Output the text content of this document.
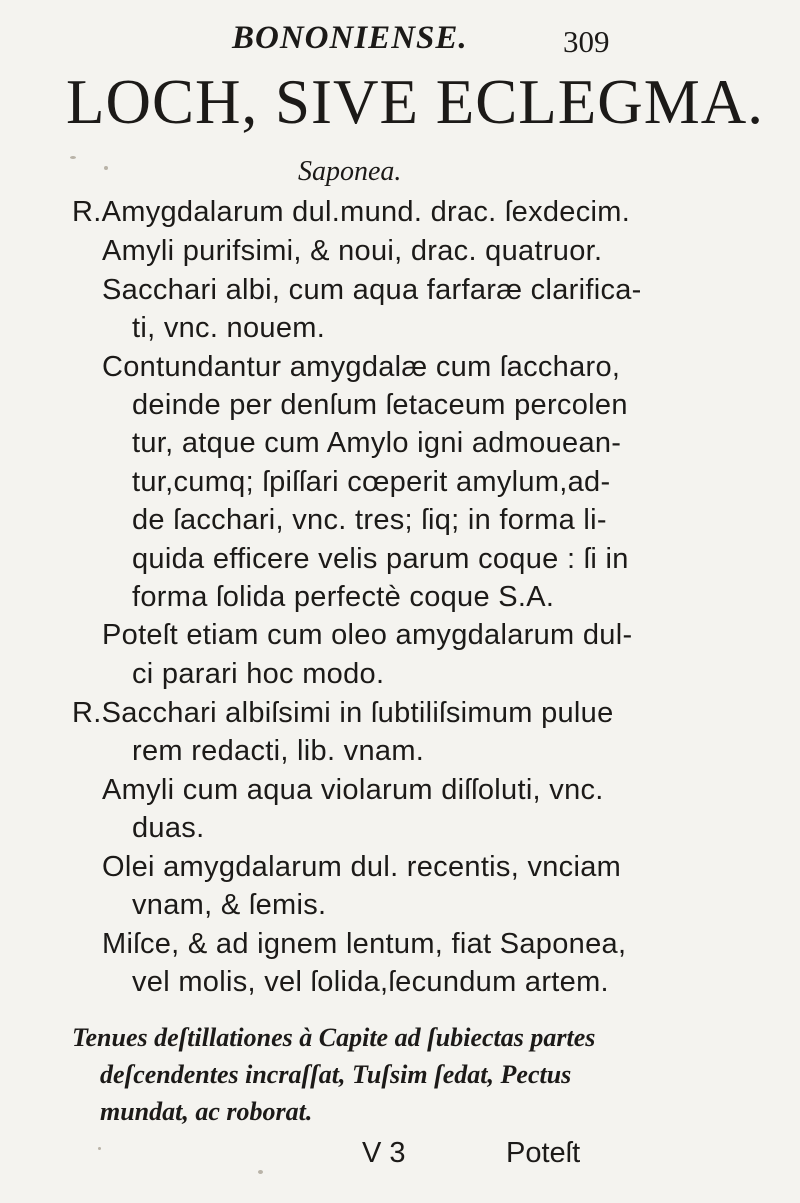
BONONIENSE.	309
LOCH, SIVE ECLEGMA.
Saponea.
R.Amygdalarum dul.mund. drac. ſexdecim.
Amyli purifsimi, & noui, drac. quatruor.
Sacchari albi, cum aqua farfaræ clarifica-
ti, vnc. nouem.
Contundantur amygdalæ cum ſaccharo,
deinde per denſum ſetaceum percolen
tur, atque cum Amylo igni admouean-
tur,cumq; ſpiſſari cœperit amylum,ad-
de ſacchari, vnc. tres; ſiq; in forma li-
quida efficere velis parum coque : ſi in
forma ſolida perfectè coque S.A.
Poteſt etiam cum oleo amygdalarum dul-
ci parari hoc modo.
R.Sacchari albiſsimi in ſubtiliſsimum pulue
rem redacti, lib. vnam.
Amyli cum aqua violarum diſſoluti, vnc.
duas.
Olei amygdalarum dul. recentis, vnciam
vnam, & ſemis.
Miſce, & ad ignem lentum, fiat Saponea,
vel molis, vel ſolida,ſecundum artem.
Tenues deſtillationes à Capite ad ſubiectas partes
deſcendentes incraſſat, Tuſsim ſedat, Pectus
mundat, ac roborat.
V 3	Poteſt
